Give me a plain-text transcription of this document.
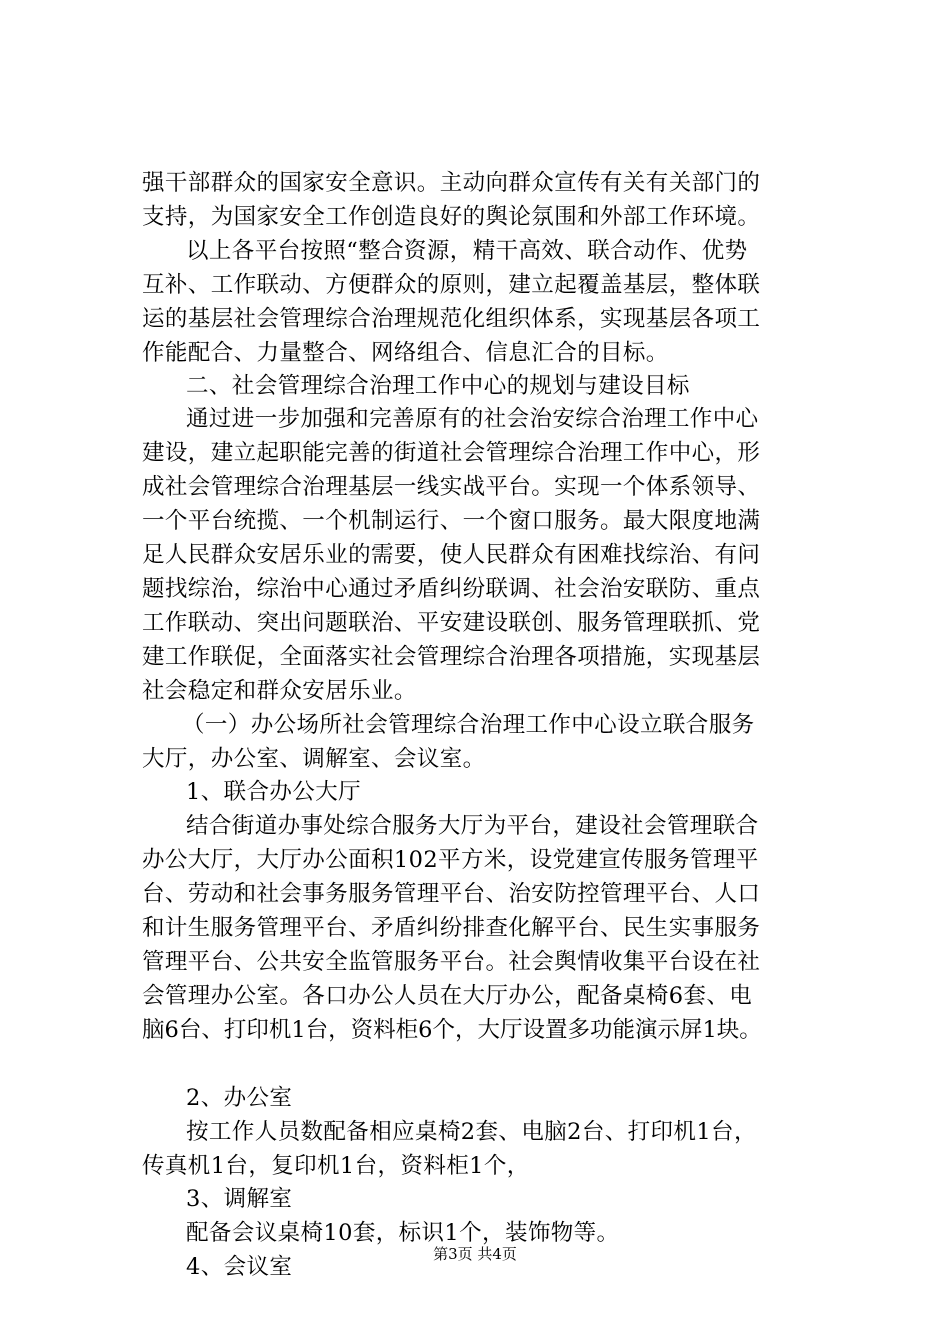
强干部群众的国家安全意识。主动向群众宣传有关有关部门的
支持，为国家安全工作创造良好的舆论氛围和外部工作环境。
以上各平台按照“整合资源，精干高效、联合动作、优势
互补、工作联动、方便群众的原则，建立起覆盖基层，整体联
运的基层社会管理综合治理规范化组织体系，实现基层各项工
作能配合、力量整合、网络组合、信息汇合的目标。
二、社会管理综合治理工作中心的规划与建设目标
通过进一步加强和完善原有的社会治安综合治理工作中心
建设，建立起职能完善的街道社会管理综合治理工作中心，形
成社会管理综合治理基层一线实战平台。实现一个体系领导、
一个平台统揽、一个机制运行、一个窗口服务。最大限度地满
足人民群众安居乐业的需要，使人民群众有困难找综治、有问
题找综治，综治中心通过矛盾纠纷联调、社会治安联防、重点
工作联动、突出问题联治、平安建设联创、服务管理联抓、党
建工作联促，全面落实社会管理综合治理各项措施，实现基层
社会稳定和群众安居乐业。
（一）办公场所社会管理综合治理工作中心设立联合服务
大厅，办公室、调解室、会议室。
1、联合办公大厅
结合街道办事处综合服务大厅为平台，建设社会管理联合
办公大厅，大厅办公面积102平方米，设党建宣传服务管理平
台、劳动和社会事务服务管理平台、治安防控管理平台、人口
和计生服务管理平台、矛盾纠纷排查化解平台、民生实事服务
管理平台、公共安全监管服务平台。社会舆情收集平台设在社
会管理办公室。各口办公人员在大厅办公，配备桌椅6套、电
脑6台、打印机1台，资料柜6个，大厅设置多功能演示屏1块。
2、办公室
按工作人员数配备相应桌椅2套、电脑2台、打印机1台，
传真机1台，复印机1台，资料柜1个，
3、调解室
配备会议桌椅10套，标识1个，装饰物等。
4、会议室	第3页 共4页
